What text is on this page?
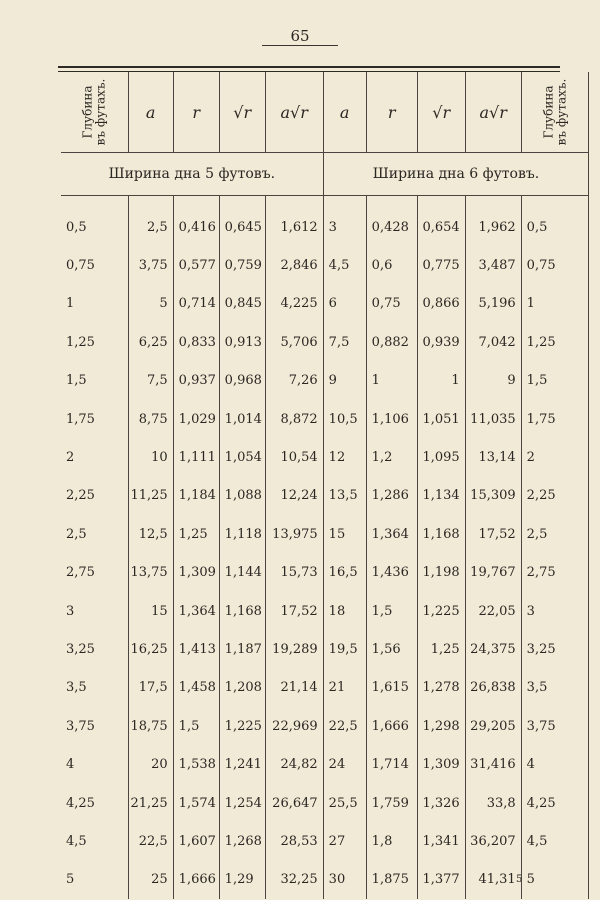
65
Глубина
въ футахъ.	a	r	√r	a√r	a	r	√r	a√r	Глубина
въ футахъ.
Ширина дна 5 футовъ.					Ширина дна 6 футовъ.				

0,5	2,5	0,416	0,645	1,612	3	0,428	0,654	1,962	0,5
0,75	3,75	0,577	0,759	2,846	4,5	0,6	0,775	3,487	0,75
1	5	0,714	0,845	4,225	6	0,75	0,866	5,196	1
1,25	6,25	0,833	0,913	5,706	7,5	0,882	0,939	7,042	1,25
1,5	7,5	0,937	0,968	7,26	9	1	1	9	1,5
1,75	8,75	1,029	1,014	8,872	10,5	1,106	1,051	11,035	1,75
2	10	1,111	1,054	10,54	12	1,2	1,095	13,14	2
2,25	11,25	1,184	1,088	12,24	13,5	1,286	1,134	15,309	2,25
2,5	12,5	1,25	1,118	13,975	15	1,364	1,168	17,52	2,5
2,75	13,75	1,309	1,144	15,73	16,5	1,436	1,198	19,767	2,75
3	15	1,364	1,168	17,52	18	1,5	1,225	22,05	3
3,25	16,25	1,413	1,187	19,289	19,5	1,56	1,25	24,375	3,25
3,5	17,5	1,458	1,208	21,14	21	1,615	1,278	26,838	3,5
3,75	18,75	1,5	1,225	22,969	22,5	1,666	1,298	29,205	3,75
4	20	1,538	1,241	24,82	24	1,714	1,309	31,416	4
4,25	21,25	1,574	1,254	26,647	25,5	1,759	1,326	33,8	4,25
4,5	22,5	1,607	1,268	28,53	27	1,8	1,341	36,207	4,5
5	25	1,666	1,29	32,25	30	1,875	1,377	41,31	5
5
